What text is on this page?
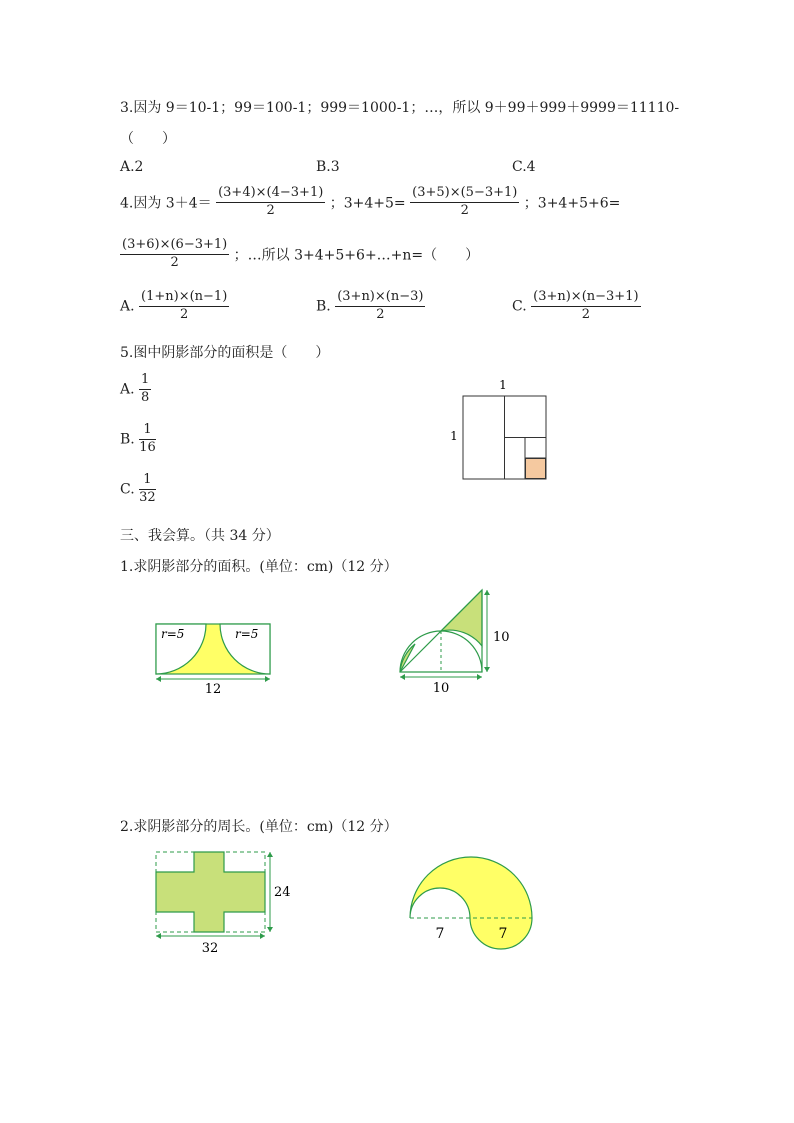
3.因为 9＝10-1；99＝100-1；999＝1000-1；…，所以 9＋99＋999＋9999＝11110-
（　　）
A.2	B.3	C.4
4.因为 $3+4= \frac{(3+4)\times(4-3+1)}{2}$ ；$3+4+5= \frac{(3+5)\times(5-3+1)}{2}$ ；3+4+5+6=
$\frac{(3+6)\times(6-3+1)}{2}$ ；…所以 3+4+5+6+…+n=（　　）
A. $\frac{(1+n)\times(n-1)}{2}$	B. $\frac{(3+n)\times(n-3)}{2}$	C. $\frac{(3+n)\times(n-3+1)}{2}$
5.图中阴影部分的面积是（　　）
A. $\frac{1}{8}$
B. $\frac{1}{16}$
C. $\frac{1}{32}$
1
1
三、我会算。（共 34 分）
1.求阴影部分的面积。(单位：cm)（12 分）
r=5	r=5
12
10
10
2.求阴影部分的周长。(单位：cm)（12 分）
24
32
7	7
